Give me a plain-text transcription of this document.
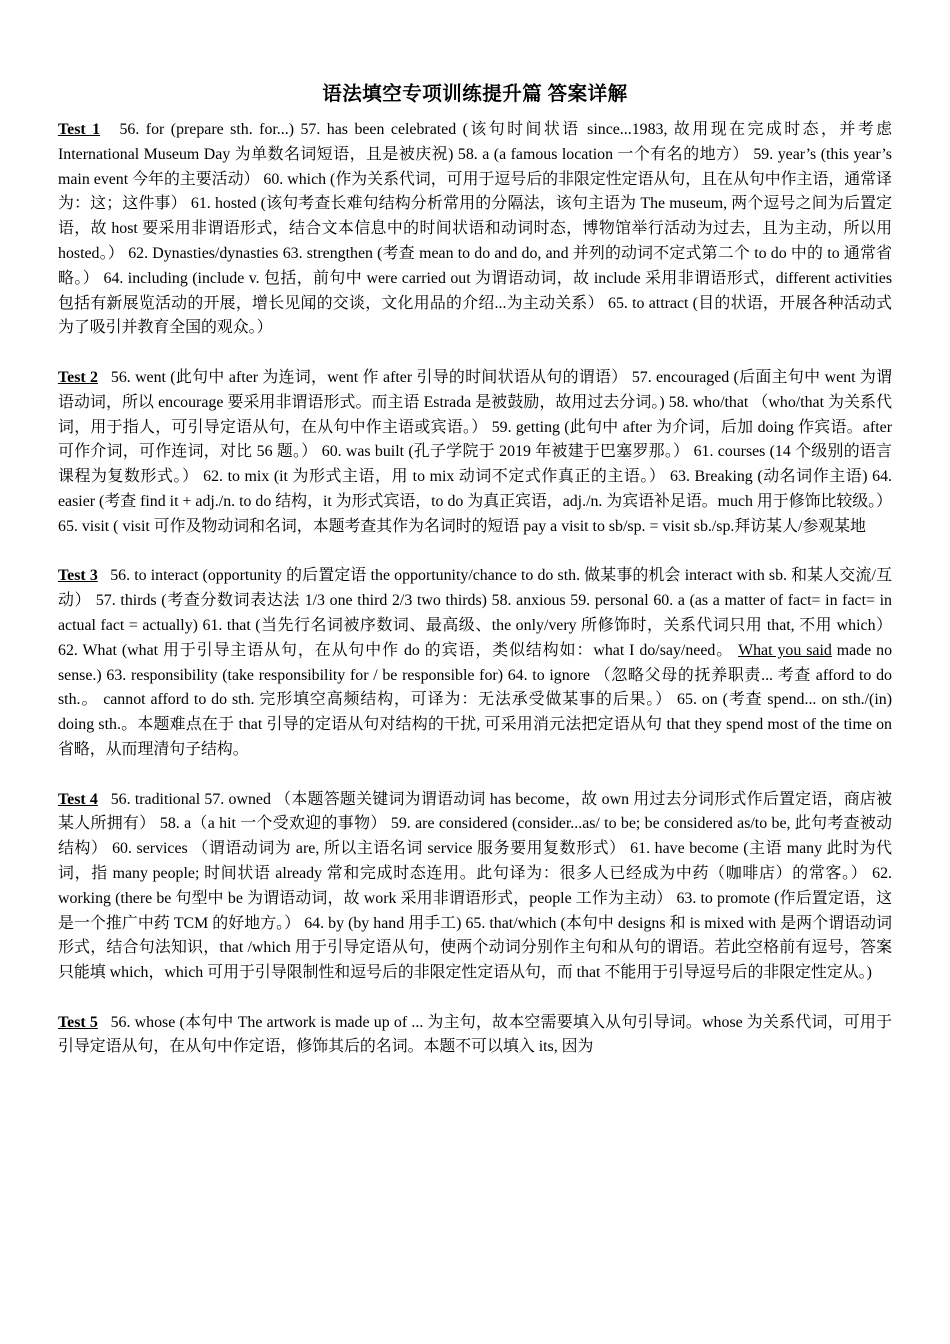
语法填空专项训练提升篇 答案详解

Test 1 56. for (prepare sth. for...) 57. has been celebrated (该句时间状语 since...1983, 故用现在完成时态，并考虑 International Museum Day 为单数名词短语，且是被庆祝) 58. a (a famous location 一个有名的地方） 59. year’s (this year’s main event 今年的主要活动） 60. which (作为关系代词，可用于逗号后的非限定性定语从句，且在从句中作主语，通常译为：这；这件事） 61. hosted (该句考查长难句结构分析常用的分隔法，该句主语为 The museum, 两个逗号之间为后置定语，故 host 要采用非谓语形式，结合文本信息中的时间状语和动词时态，博物馆举行活动为过去，且为主动，所以用 hosted。） 62. Dynasties/dynasties 63. strengthen (考查 mean to do and do, and 并列的动词不定式第二个 to do 中的 to 通常省略。） 64. including (include v. 包括，前句中 were carried out 为谓语动词，故 include 采用非谓语形式，different activities 包括有新展览活动的开展，增长见闻的交谈，文化用品的介绍...为主动关系） 65. to attract (目的状语，开展各种活动式为了吸引并教育全国的观众。）

Test 2 56. went (此句中 after 为连词，went 作 after 引导的时间状语从句的谓语） 57. encouraged (后面主句中 went 为谓语动词，所以 encourage 要采用非谓语形式。而主语 Estrada 是被鼓励，故用过去分词。) 58. who/that （who/that 为关系代词，用于指人，可引导定语从句，在从句中作主语或宾语。） 59. getting (此句中 after 为介词，后加 doing 作宾语。after 可作介词，可作连词，对比 56 题。） 60. was built (孔子学院于 2019 年被建于巴塞罗那。） 61. courses (14 个级别的语言课程为复数形式。） 62. to mix (it 为形式主语，用 to mix 动词不定式作真正的主语。） 63. Breaking (动名词作主语) 64. easier (考查 find it + adj./n. to do 结构，it 为形式宾语，to do 为真正宾语，adj./n. 为宾语补足语。much 用于修饰比较级。） 65. visit ( visit 可作及物动词和名词，本题考查其作为名词时的短语 pay a visit to sb/sp. = visit sb./sp.拜访某人/参观某地

Test 3 56. to interact (opportunity 的后置定语 the opportunity/chance to do sth. 做某事的机会 interact with sb. 和某人交流/互动） 57. thirds (考查分数词表达法 1/3 one third 2/3 two thirds) 58. anxious 59. personal 60. a (as a matter of fact= in fact= in actual fact = actually) 61. that (当先行名词被序数词、最高级、the only/very 所修饰时，关系代词只用 that, 不用 which） 62. What (what 用于引导主语从句，在从句中作 do 的宾语，类似结构如：what I do/say/need。 What you said made no sense.) 63. responsibility (take responsibility for / be responsible for) 64. to ignore （忽略父母的抚养职责... 考查 afford to do sth.。 cannot afford to do sth. 完形填空高频结构，可译为：无法承受做某事的后果。） 65. on (考查 spend... on sth./(in) doing sth.。本题难点在于 that 引导的定语从句对结构的干扰, 可采用消元法把定语从句 that they spend most of the time on 省略，从而理清句子结构。

Test 4 56. traditional 57. owned （本题答题关键词为谓语动词 has become，故 own 用过去分词形式作后置定语，商店被某人所拥有） 58. a（a hit 一个受欢迎的事物） 59. are considered (consider...as/ to be; be considered as/to be, 此句考查被动结构） 60. services （谓语动词为 are, 所以主语名词 service 服务要用复数形式） 61. have become (主语 many 此时为代词，指 many people; 时间状语 already 常和完成时态连用。此句译为：很多人已经成为中药（咖啡店）的常客。） 62. working (there be 句型中 be 为谓语动词，故 work 采用非谓语形式，people 工作为主动） 63. to promote (作后置定语，这是一个推广中药 TCM 的好地方。） 64. by (by hand 用手工) 65. that/which (本句中 designs 和 is mixed with 是两个谓语动词形式，结合句法知识，that /which 用于引导定语从句，使两个动词分别作主句和从句的谓语。若此空格前有逗号，答案只能填 which，which 可用于引导限制性和逗号后的非限定性定语从句，而 that 不能用于引导逗号后的非限定性定从。)

Test 5 56. whose (本句中 The artwork is made up of ... 为主句，故本空需要填入从句引导词。whose 为关系代词，可用于引导定语从句，在从句中作定语，修饰其后的名词。本题不可以填入 its, 因为
